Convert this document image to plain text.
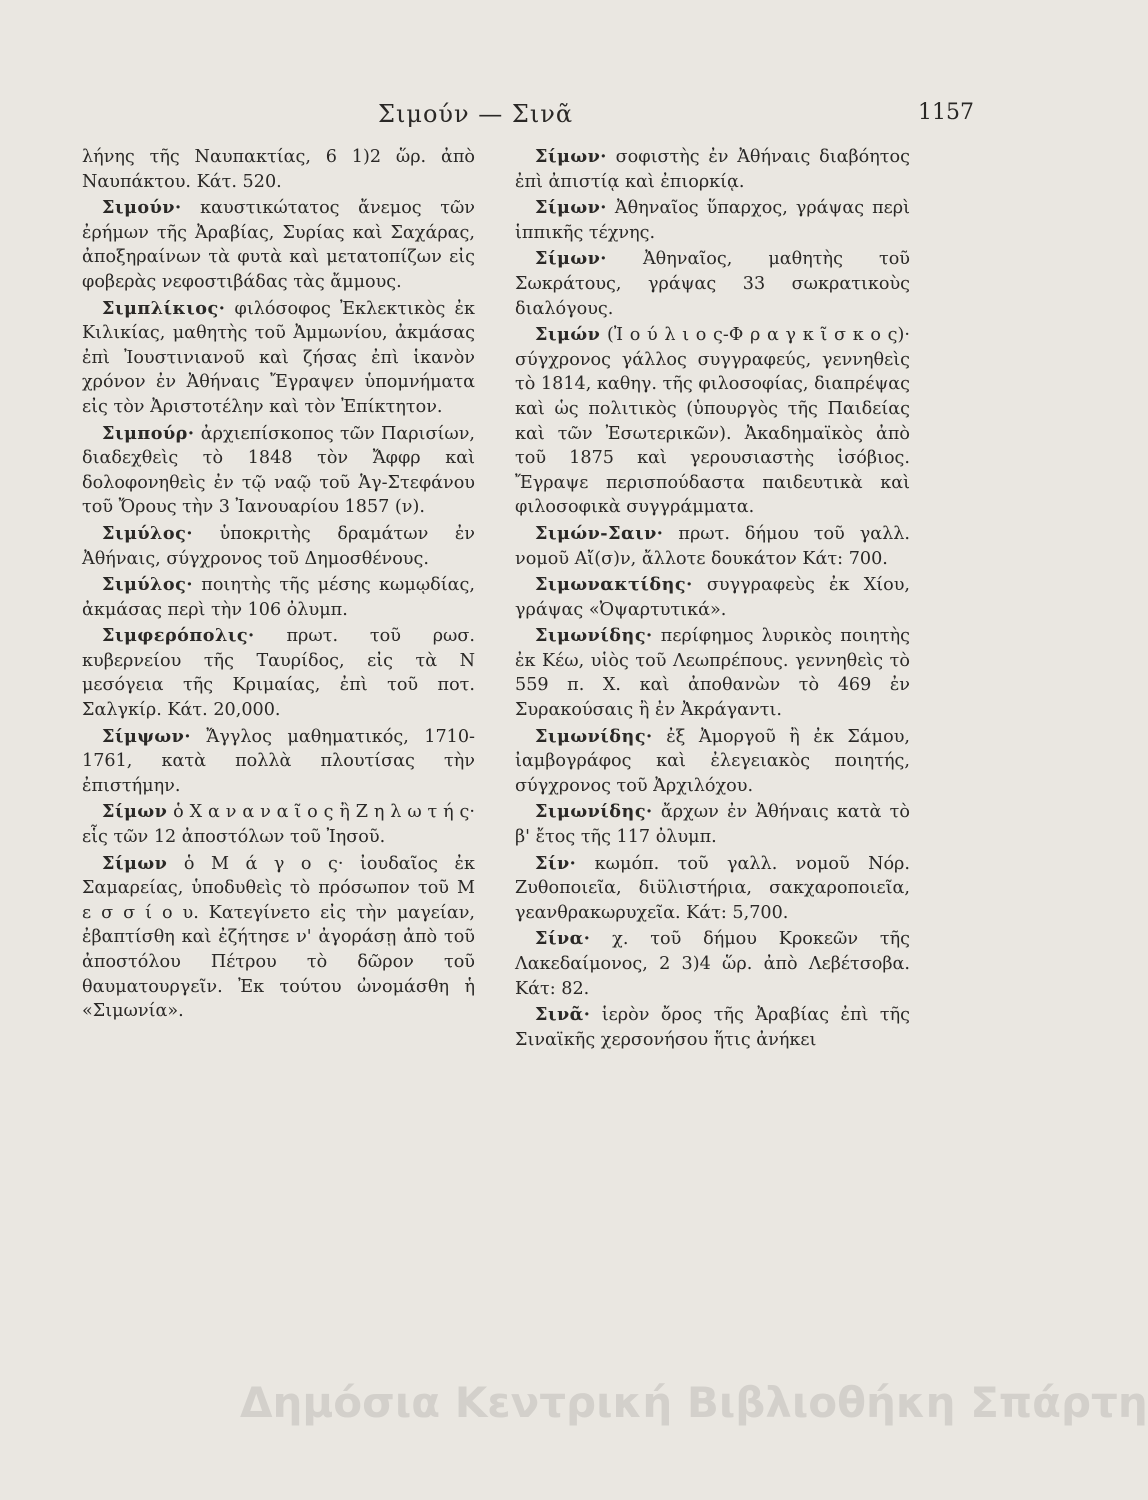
Σιμούν — Σινᾶ	1157

λήνης τῆς Ναυπακτίας, 6 1)2 ὥρ. ἀπὸ Ναυπάκτου. Κάτ. 520.

Σιμούν· καυστικώτατος ἄνεμος τῶν ἐρήμων τῆς Ἀραβίας, Συρίας καὶ Σαχάρας, ἀποξηραίνων τὰ φυτὰ καὶ μετατοπίζων εἰς φοβερὰς νεφοστιβάδας τὰς ἄμμους.

Σιμπλίκιος· φιλόσοφος Ἐκλεκτικὸς ἐκ Κιλικίας, μαθητὴς τοῦ Ἀμμωνίου, ἀκμάσας ἐπὶ Ἰουστινιανοῦ καὶ ζήσας ἐπὶ ἱκανὸν χρόνον ἐν Ἀθήναις Ἔγραψεν ὑπομνήματα εἰς τὸν Ἀριστοτέλην καὶ τὸν Ἐπίκτητον.

Σιμπούρ· ἀρχιεπίσκοπος τῶν Παρισίων, διαδεχθεὶς τὸ 1848 τὸν Ἄφφρ καὶ δολοφονηθεὶς ἐν τῷ ναῷ τοῦ Ἁγ-Στεφάνου τοῦ Ὄρους τὴν 3 Ἰανουαρίου 1857 (ν).

Σιμύλος· ὑποκριτὴς δραμάτων ἐν Ἀθήναις, σύγχρονος τοῦ Δημοσθένους.

Σιμύλος· ποιητὴς τῆς μέσης κωμῳδίας, ἀκμάσας περὶ τὴν 106 ὀλυμπ.

Σιμφερόπολις· πρωτ. τοῦ ρωσ. κυβερνείου τῆς Ταυρίδος, εἰς τὰ Ν μεσόγεια τῆς Κριμαίας, ἐπὶ τοῦ ποτ. Σαλγκίρ. Κάτ. 20,000.

Σίμψων· Ἄγγλος μαθηματικός, 1710-1761, κατὰ πολλὰ πλουτίσας τὴν ἐπιστήμην.

Σίμων ὁ Χ α ν α ν α ῖ ο ς ἢ Ζ η λ ω τ ή ς· εἷς τῶν 12 ἀποστόλων τοῦ Ἰησοῦ.

Σίμων ὁ Μ ά γ ο ς· ἰουδαῖος ἐκ Σαμαρείας, ὑποδυθεὶς τὸ πρόσωπον τοῦ Μ ε σ σ ί ο υ. Κατεγίνετο εἰς τὴν μαγείαν, ἐβαπτίσθη καὶ ἐζήτησε ν' ἀγοράσῃ ἀπὸ τοῦ ἀποστόλου Πέτρου τὸ δῶρον τοῦ θαυματουργεῖν. Ἐκ τούτου ὠνομάσθη ἡ «Σιμωνία».

Σίμων· σοφιστὴς ἐν Ἀθήναις διαβόητος ἐπὶ ἀπιστίᾳ καὶ ἐπιορκίᾳ.

Σίμων· Ἀθηναῖος ὕπαρχος, γράψας περὶ ἱππικῆς τέχνης.

Σίμων· Ἀθηναῖος, μαθητὴς τοῦ Σωκράτους, γράψας 33 σωκρατικοὺς διαλόγους.

Σιμών (Ἰ ο ύ λ ι ο ς-Φ ρ α γ κ ῖ σ κ ο ς)· σύγχρονος γάλλος συγγραφεύς, γεννηθεὶς τὸ 1814, καθηγ. τῆς φιλοσοφίας, διαπρέψας καὶ ὡς πολιτικὸς (ὑπουργὸς τῆς Παιδείας καὶ τῶν Ἐσωτερικῶν). Ἀκαδημαϊκὸς ἀπὸ τοῦ 1875 καὶ γερουσιαστὴς ἰσόβιος. Ἔγραψε περισπούδαστα παιδευτικὰ καὶ φιλοσοφικὰ συγγράμματα.

Σιμών-Σαιν· πρωτ. δήμου τοῦ γαλλ. νομοῦ Αἴ(σ)ν, ἄλλοτε δουκάτον Κάτ: 700.

Σιμωνακτίδης· συγγραφεὺς ἐκ Χίου, γράψας «Ὀψαρτυτικά».

Σιμωνίδης· περίφημος λυρικὸς ποιητὴς ἐκ Κέω, υἱὸς τοῦ Λεωπρέπους. γεννηθεὶς τὸ 559 π. Χ. καὶ ἀποθανὼν τὸ 469 ἐν Συρακούσαις ἢ ἐν Ἀκράγαντι.

Σιμωνίδης· ἐξ Ἀμοργοῦ ἢ ἐκ Σάμου, ἰαμβογράφος καὶ ἐλεγειακὸς ποιητής, σύγχρονος τοῦ Ἀρχιλόχου.

Σιμωνίδης· ἄρχων ἐν Ἀθήναις κατὰ τὸ β' ἔτος τῆς 117 ὀλυμπ.

Σίν· κωμόπ. τοῦ γαλλ. νομοῦ Νόρ. Ζυθοποιεῖα, διϋλιστήρια, σακχαροποιεῖα, γεανθρακωρυχεῖα. Κάτ: 5,700.

Σίνα· χ. τοῦ δήμου Κροκεῶν τῆς Λακεδαίμονος, 2 3)4 ὥρ. ἀπὸ Λεβέτσοβα. Κάτ: 82.

Σινᾶ· ἱερὸν ὄρος τῆς Ἀραβίας ἐπὶ τῆς Σιναϊκῆς χερσονήσου ἥτις ἀνήκει

Δημόσια Κεντρική Βιβλιοθήκη Σπάρτη
